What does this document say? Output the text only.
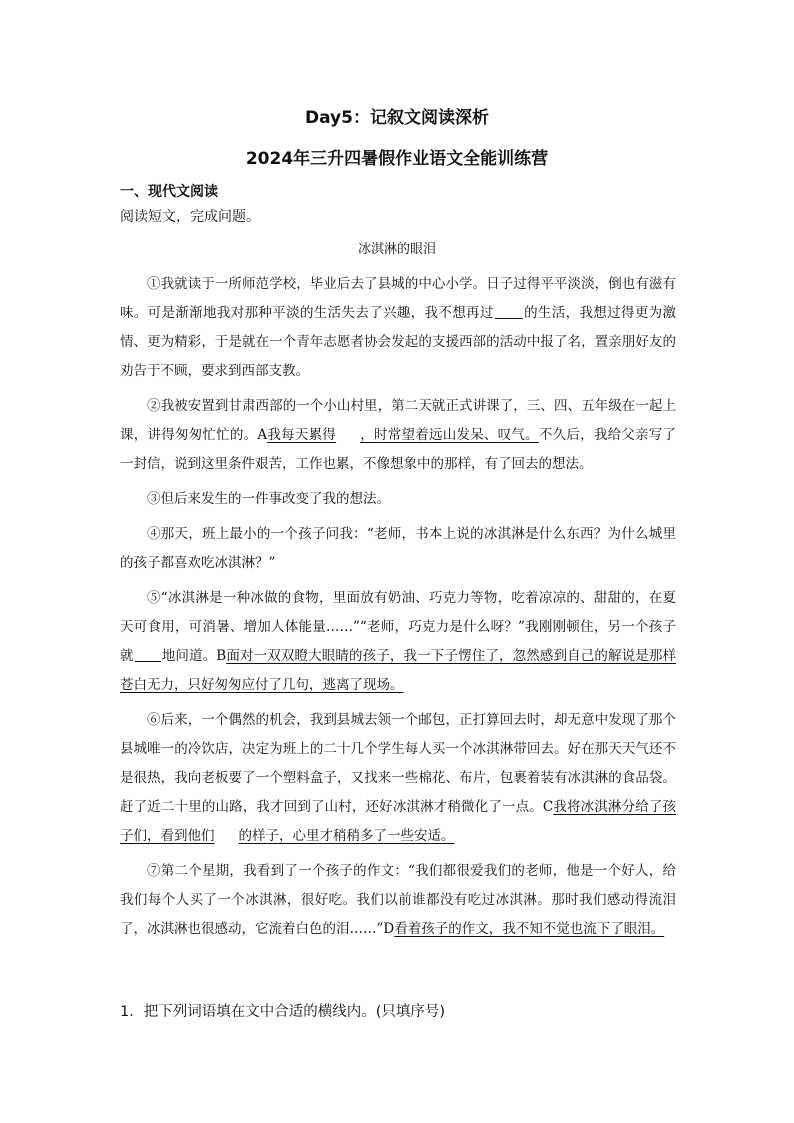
Day5：记叙文阅读深析
2024年三升四暑假作业语文全能训练营
一、现代文阅读
阅读短文，完成问题。
冰淇淋的眼泪

①我就读于一所师范学校，毕业后去了县城的中心小学。日子过得平平淡淡，倒也有滋有味。可是渐渐地我对那种平淡的生活失去了兴趣，我不想再过 的生活，我想过得更为激情、更为精彩，于是就在一个青年志愿者协会发起的支援西部的活动中报了名，置亲朋好友的劝告于不顾，要求到西部支教。

②我被安置到甘肃西部的一个小山村里，第二天就正式讲课了，三、四、五年级在一起上课，讲得匆匆忙忙的。A我每天累得 ，时常望着远山发呆、叹气。不久后，我给父亲写了一封信，说到这里条件艰苦，工作也累，不像想象中的那样，有了回去的想法。

③但后来发生的一件事改变了我的想法。

④那天，班上最小的一个孩子问我：“老师，书本上说的冰淇淋是什么东西？为什么城里的孩子都喜欢吃冰淇淋？”

⑤“冰淇淋是一种冰做的食物，里面放有奶油、巧克力等物，吃着凉凉的、甜甜的，在夏天可食用，可消暑、增加人体能量……”“老师，巧克力是什么呀？”我刚刚顿住，另一个孩子就 地问道。B面对一双双瞪大眼睛的孩子，我一下子愣住了，忽然感到自己的解说是那样苍白无力，只好匆匆应付了几句，逃离了现场。

⑥后来，一个偶然的机会，我到县城去领一个邮包，正打算回去时，却无意中发现了那个县城唯一的冷饮店，决定为班上的二十几个学生每人买一个冰淇淋带回去。好在那天天气还不是很热，我向老板要了一个塑料盒子，又找来一些棉花、布片，包裹着装有冰淇淋的食品袋。赶了近二十里的山路，我才回到了山村，还好冰淇淋才稍微化了一点。C我将冰淇淋分给了孩子们，看到他们 的样子，心里才稍稍多了一些安适。

⑦第二个星期，我看到了一个孩子的作文：“我们都很爱我们的老师，他是一个好人，给我们每个人买了一个冰淇淋，很好吃。我们以前谁都没有吃过冰淇淋。那时我们感动得流泪了，冰淇淋也很感动，它流着白色的泪……”D看着孩子的作文，我不知不觉也流下了眼泪。

1．把下列词语填在文中合适的横线内。(只填序号)
